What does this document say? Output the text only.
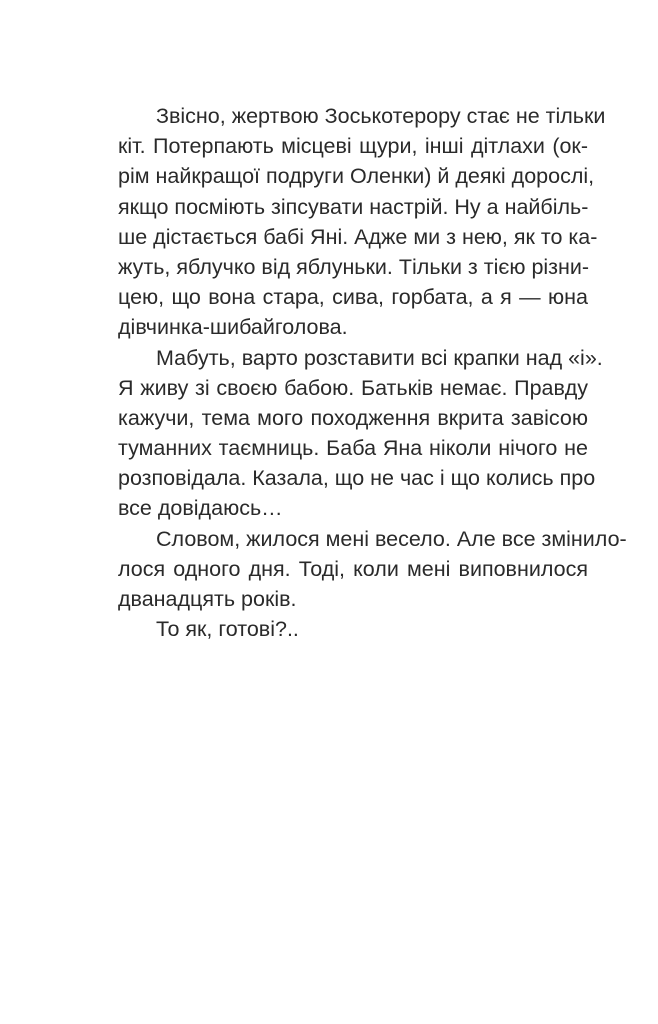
Звісно, жертвою Зоськотерору стає не тільки
кіт. Потерпають місцеві щури, інші дітлахи (ок-
рім найкращої подруги Оленки) й деякі дорослі,
якщо посміють зіпсувати настрій. Ну а найбіль-
ше дістається бабі Яні. Адже ми з нею, як то ка-
жуть, яблучко від яблуньки. Тільки з тією різни-
цею, що вона стара, сива, горбата, а я — юна
дівчинка-шибайголова.
Мабуть, варто розставити всі крапки над «і».
Я живу зі своєю бабою. Батьків немає. Правду
кажучи, тема мого походження вкрита завісою
туманних таємниць. Баба Яна ніколи нічого не
розповідала. Казала, що не час і що колись про
все довідаюсь…
Словом, жилося мені весело. Але все змінило-
лося одного дня. Тоді, коли мені виповнилося
дванадцять років.
То як, готові?..
